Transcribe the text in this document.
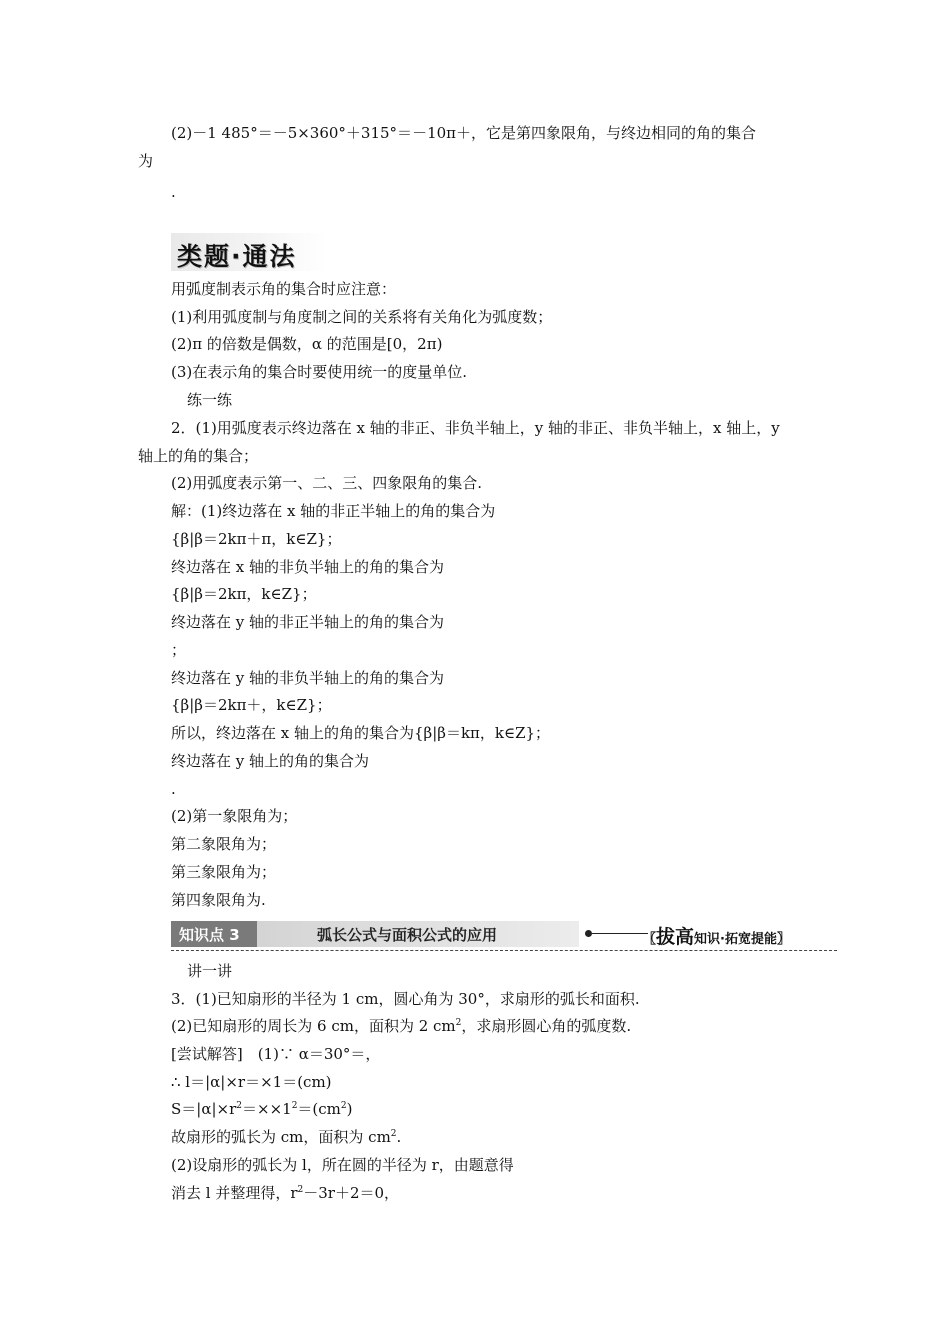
(2)－1 485°＝－5×360°＋315°＝－10π＋，它是第四象限角，与终边相同的角的集合
为
.
类题·通法
用弧度制表示角的集合时应注意：
(1)利用弧度制与角度制之间的关系将有关角化为弧度数；
(2)π 的倍数是偶数，α 的范围是[0，2π)
(3)在表示角的集合时要使用统一的度量单位.
练一练
2．(1)用弧度表示终边落在 x 轴的非正、非负半轴上，y 轴的非正、非负半轴上，x 轴上，y
轴上的角的集合；
(2)用弧度表示第一、二、三、四象限角的集合.
解：(1)终边落在 x 轴的非正半轴上的角的集合为
{β|β＝2kπ＋π，k∈Z}；
终边落在 x 轴的非负半轴上的角的集合为
{β|β＝2kπ，k∈Z}；
终边落在 y 轴的非正半轴上的角的集合为
；
终边落在 y 轴的非负半轴上的角的集合为
{β|β＝2kπ＋，k∈Z}；
所以，终边落在 x 轴上的角的集合为{β|β＝kπ，k∈Z}；
终边落在 y 轴上的角的集合为
.
(2)第一象限角为；
第二象限角为；
第三象限角为；
第四象限角为.
知识点 3	弧长公式与面积公式的应用	〖拔高知识·拓宽提能〗
讲一讲
3．(1)已知扇形的半径为 1 cm，圆心角为 30°，求扇形的弧长和面积.
(2)已知扇形的周长为 6 cm，面积为 2 $cm^2$，求扇形圆心角的弧度数.
[尝试解答]　(1)∵ α＝30°＝，
∴ l＝|α|×r＝×1＝(cm)
$S=|\alpha|\times r^2=\times\times 1^2=(cm^2)$
故扇形的弧长为 cm，面积为 $cm^2$.
(2)设扇形的弧长为 l，所在圆的半径为 r，由题意得
消去 l 并整理得，$r^2-3r+2=0$，
